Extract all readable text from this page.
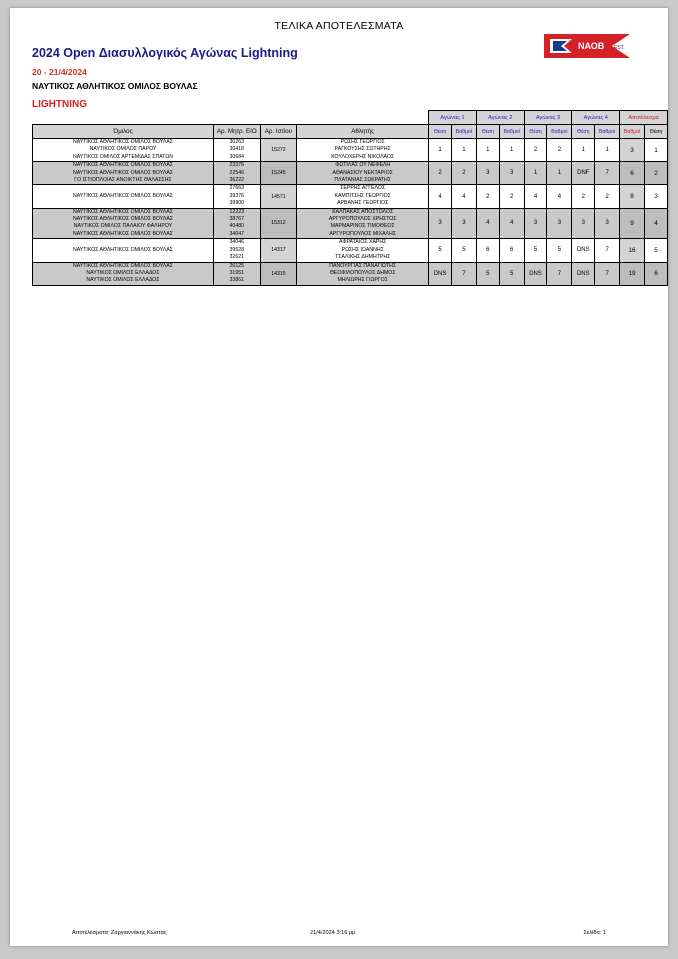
ΤΕΛΙΚΑ ΑΠΟΤΕΛΕΣΜΑΤΑ
ΝΑΟΒ EST.
2024 Open Διασυλλογικός Αγώνας Lightning
20 - 21/4/2024
ΝΑΥΤΙΚΟΣ ΑΘΛΗΤΙΚΟΣ ΟΜΙΛΟΣ ΒΟΥΛΑΣ
LIGHTNING
				Αγώνας 1		Αγώνας 2		Αγώνας 3		Αγώνας 4		Αποτέλεσμα	
Όμιλος	Αρ. Μητρ. ΕΙΟ	Αρ. Ιστίου	Αθλητής	Θέση	Βαθμοί	Θέση	Βαθμοί	Θέση	Βαθμοί	Θέση	Βαθμοί	Βαθμοί	Θέση
ΝΑΥΤΙΚΟΣ ΑΘΛΗΤΙΚΟΣ ΟΜΙΛΟΣ ΒΟΥΛΑΣ
ΝΑΥΤΙΚΟΣ ΟΜΙΛΟΣ ΠΑΡΟΥ
ΝΑΥΤΙΚΟΣ ΟΜΙΛΟΣ ΑΡΤΕΜΙΔΑΣ ΣΠΑΤΩΝ	30263
30418
30684	15272	ΡΩΣΗΣ ΓΕΩΡΓΙΟΣ
ΡΑΓΚΟΥΣΗΣ ΣΩΤΗΡΗΣ
ΚΟΥΛΟΧΕΡΗΣ ΝΙΚΟΛΑΟΣ	1	1	1	1	2	2	1	1	3	1
ΝΑΥΤΙΚΟΣ ΑΘΛΗΤΙΚΟΣ ΟΜΙΛΟΣ ΒΟΥΛΑΣ
ΝΑΥΤΙΚΟΣ ΑΘΛΗΤΙΚΟΣ ΟΜΙΛΟΣ ΒΟΥΛΑΣ
ΓΟ ΙΣΤΙΟΠΛΟΙΑΣ ΑΝΟΙΚΤΗΣ ΘΑΛΑΣΣΗΣ	23376
22546
36222	15245	ΦΩΤΙΛΑΣ ΟΥ ΝΕΦΕΛΗ
ΑΘΑΝΑΣΙΟΥ ΝΕΚΤΑΡΙΟΣ
ΠΛΑΤΑΝΙΑΣ ΣΩΚΡΑΤΗΣ	2	2	3	3	1	1	DNF	7	6	2
ΝΑΥΤΙΚΟΣ ΑΘΛΗΤΙΚΟΣ ΟΜΙΛΟΣ ΒΟΥΛΑΣ	27663
39376
39900	14571	ΣΕΡΡΗΣ ΑΓΓΕΛΟΣ
ΚΑΜΠΙΤΣΗΣ ΓΕΩΡΓΙΟΣ
ΑΡΒΑΝΗΣ ΓΕΩΡΓΙΟΣ	4	4	2	2	4	4	2	2	8	3
ΝΑΥΤΙΚΟΣ ΑΘΛΗΤΙΚΟΣ ΟΜΙΛΟΣ ΒΟΥΛΑΣ
ΝΑΥΤΙΚΟΣ ΑΘΛΗΤΙΚΟΣ ΟΜΙΛΟΣ ΒΟΥΛΑΣ
ΝΑΥΤΙΚΟΣ ΟΜΙΛΟΣ ΠΑΛΑΙΟΥ ΦΑΛΗΡΟΥ
ΝΑΥΤΙΚΟΣ ΑΘΛΗΤΙΚΟΣ ΟΜΙΛΟΣ ΒΟΥΛΑΣ	12223
38767
40480
34047	15312	ΚΑΛΠΑΚΑΣ ΑΠΟΣΤΟΛΟΣ
ΑΡΓΥΡΟΠΟΥΛΟΣ ΧΡΗΣΤΟΣ
ΜΑΡΜΑΡΙΝΟΣ ΤΙΜΟΘΕΟΣ
ΑΡΓΥΡΟΠΟΥΛΟΣ ΜΙΧΑΛΗΣ	3	3	4	4	3	3	3	3	9	4
ΝΑΥΤΙΚΟΣ ΑΘΛΗΤΙΚΟΣ ΟΜΙΛΟΣ ΒΟΥΛΑΣ	34046
39528
32621	14317	ΑΦΡΑΤΑΙΟΣ ΧΑΡΗΣ
ΡΩΣΗΣ ΙΩΑΝΝΗΣ
ΤΣΑΛΙΚΗΣ ΔΗΜΗΤΡΗΣ	5	5	6	6	5	5	DNS	7	16	5
ΝΑΥΤΙΚΟΣ ΑΘΛΗΤΙΚΟΣ ΟΜΙΛΟΣ ΒΟΥΛΑΣ
ΝΑΥΤΙΚΟΣ ΟΜΙΛΟΣ ΕΛΛΑΔΟΣ
ΝΑΥΤΙΚΟΣ ΟΜΙΛΟΣ ΕΛΛΑΔΟΣ	26125
31951
33861	14315	ΠΑΝΟΥΡΓΙΑΣ ΠΑΝΑΓΙΩΤΗΣ
ΘΕΟΦΙΛΟΠΟΥΛΟΣ ΔΗΜΟΣ
ΜΗΛΙΩΡΗΣ ΓΙΩΡΓΟΣ	DNS	7	5	5	DNS	7	DNS	7	19	6
Αποτελέσματα: Ζαργιαννάκης Κώστας	21/4/2024 3:16 μμ	Σελίδα: 1
